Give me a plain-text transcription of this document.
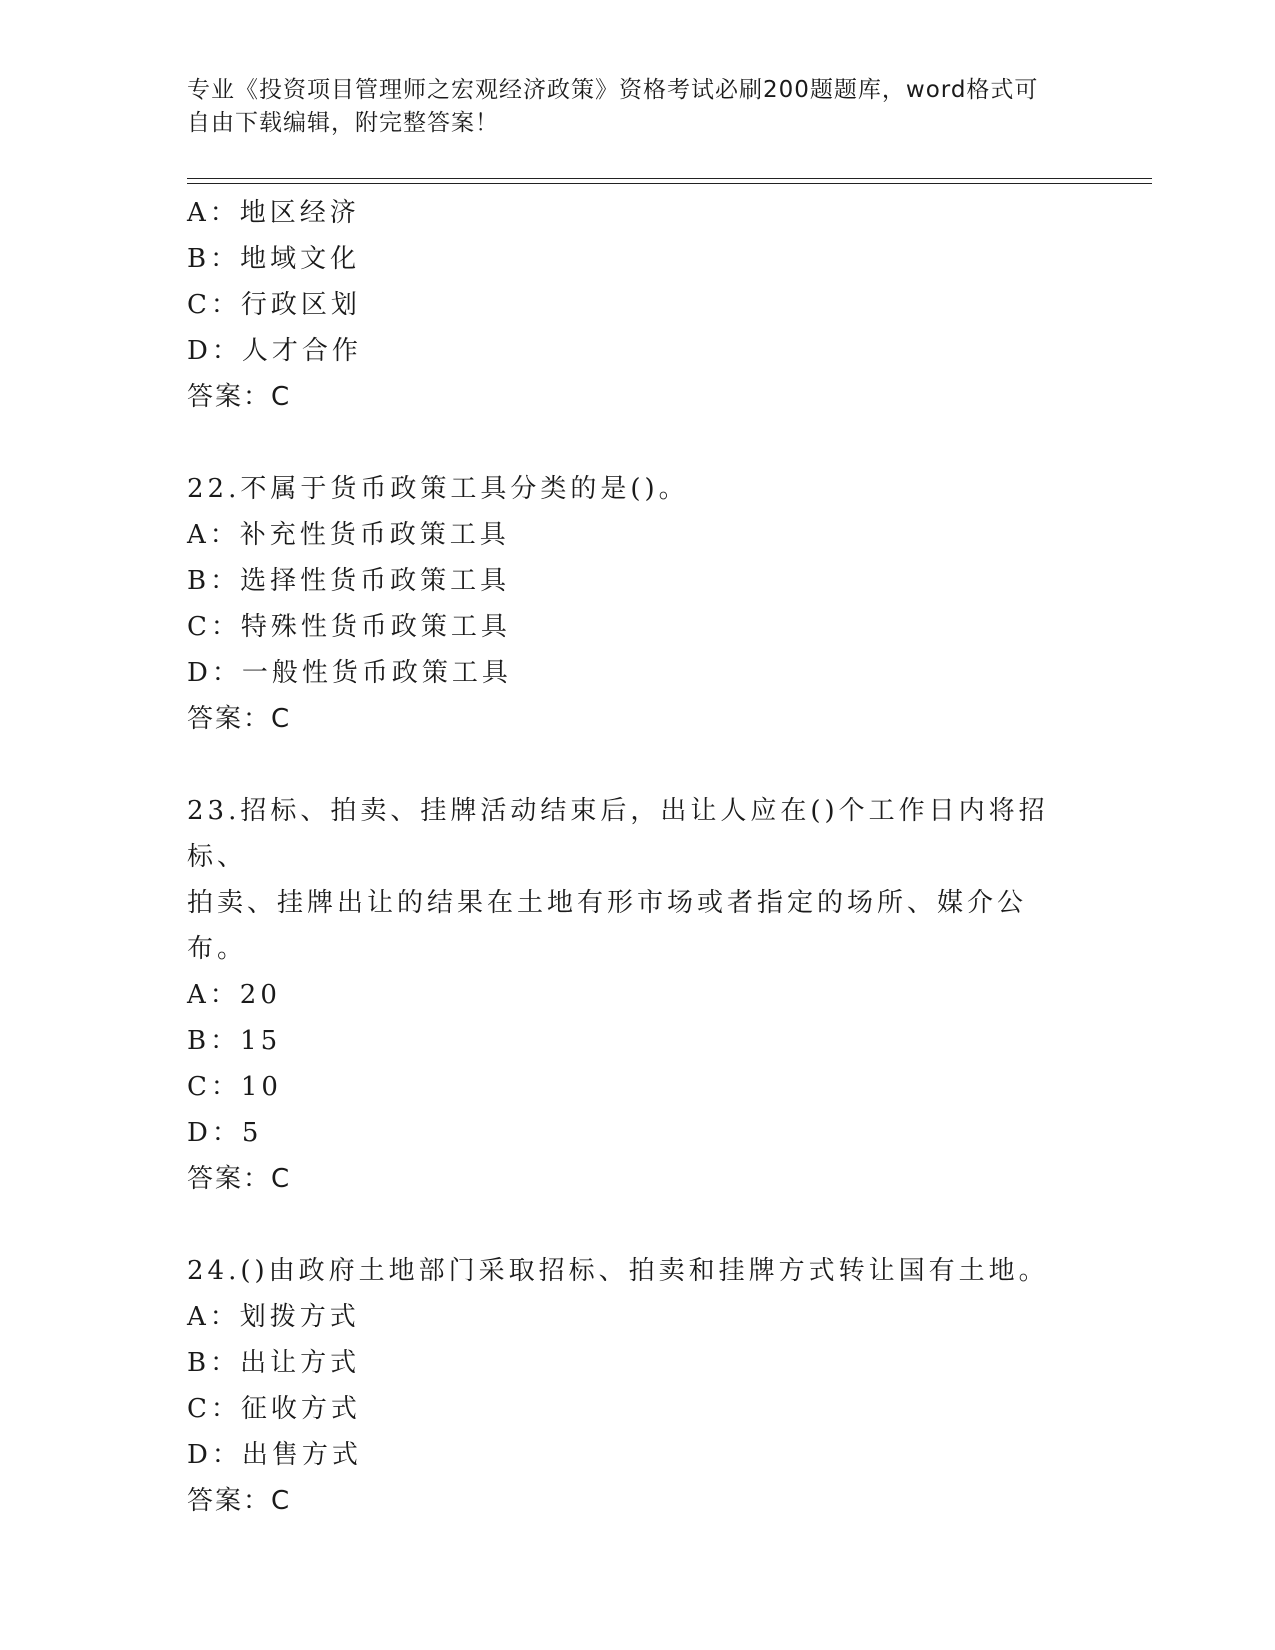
专业《投资项目管理师之宏观经济政策》资格考试必刷200题题库，word格式可
自由下载编辑，附完整答案！
A：地区经济
B：地域文化
C：行政区划
D：人才合作
答案：C
22.不属于货币政策工具分类的是()。
A：补充性货币政策工具
B：选择性货币政策工具
C：特殊性货币政策工具
D：一般性货币政策工具
答案：C
23.招标、拍卖、挂牌活动结束后，出让人应在()个工作日内将招标、
拍卖、挂牌出让的结果在土地有形市场或者指定的场所、媒介公布。
A：20
B：15
C：10
D：5
答案：C
24.()由政府土地部门采取招标、拍卖和挂牌方式转让国有土地。
A：划拨方式
B：出让方式
C：征收方式
D：出售方式
答案：C
